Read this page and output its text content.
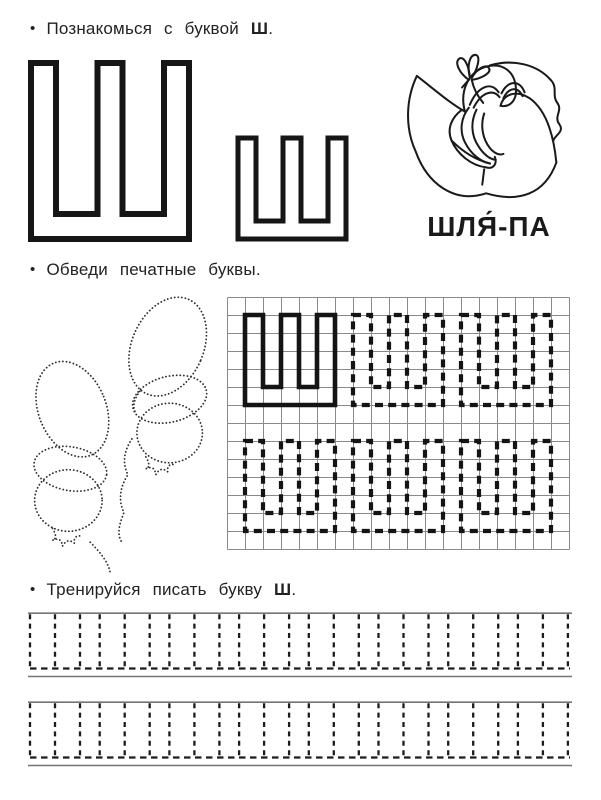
• Познакомься с буквой Ш.
ШЛЯ́-ПА
• Обведи печатные буквы.
• Тренируйся писать букву Ш.
